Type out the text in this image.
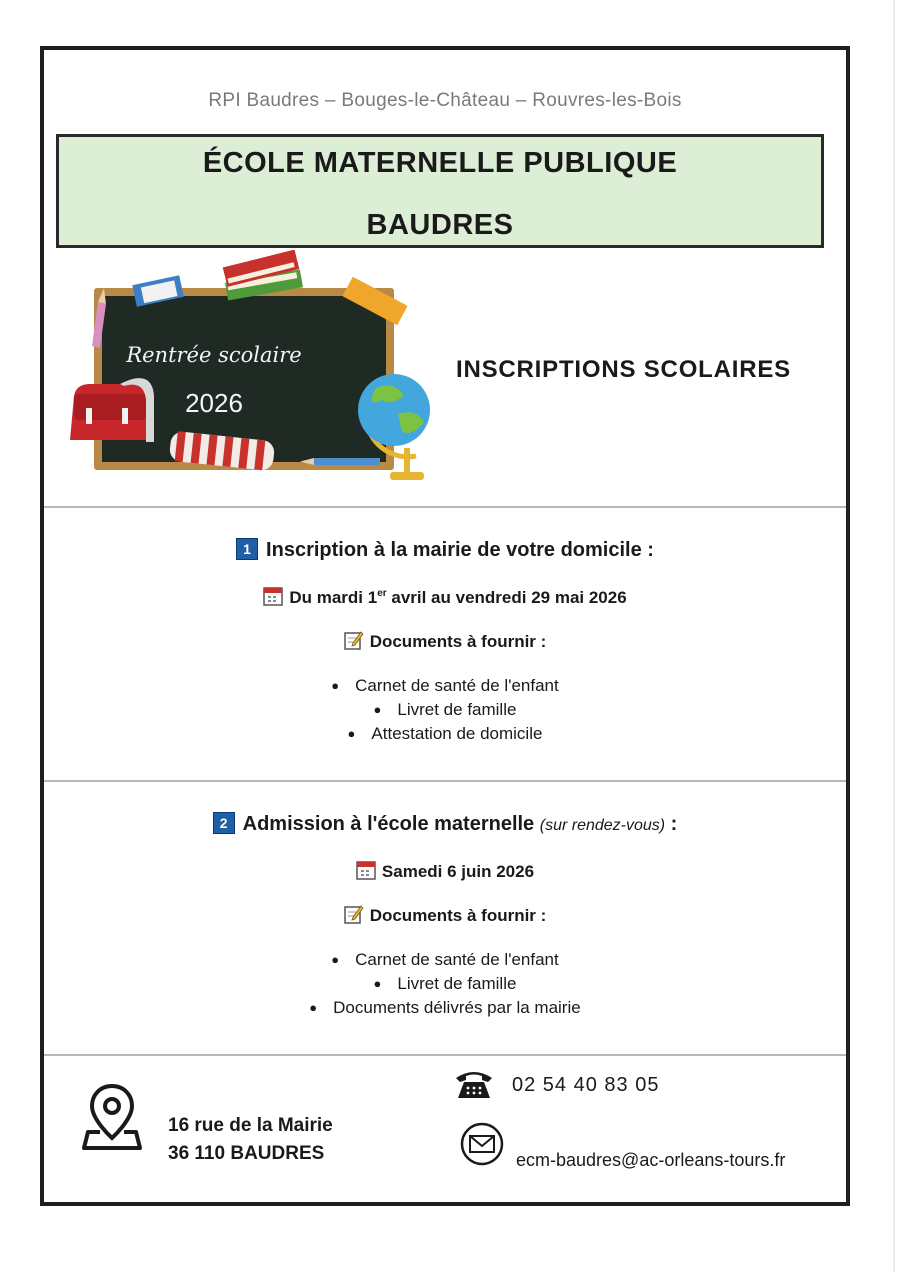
RPI Baudres – Bouges-le-Château – Rouvres-les-Bois
ÉCOLE MATERNELLE PUBLIQUE
BAUDRES
Rentrée scolaire
2026
INSCRIPTIONS SCOLAIRES
1 Inscription à la mairie de votre domicile :
Du mardi 1er avril au vendredi 29 mai 2026
Documents à fournir :
● Carnet de santé de l'enfant
● Livret de famille
● Attestation de domicile
2 Admission à l'école maternelle (sur rendez-vous) :
Samedi 6 juin 2026
Documents à fournir :
● Carnet de santé de l'enfant
● Livret de famille
● Documents délivrés par la mairie
16 rue de la Mairie
36 110 BAUDRES
02 54 40 83 05
ecm-baudres@ac-orleans-tours.fr
